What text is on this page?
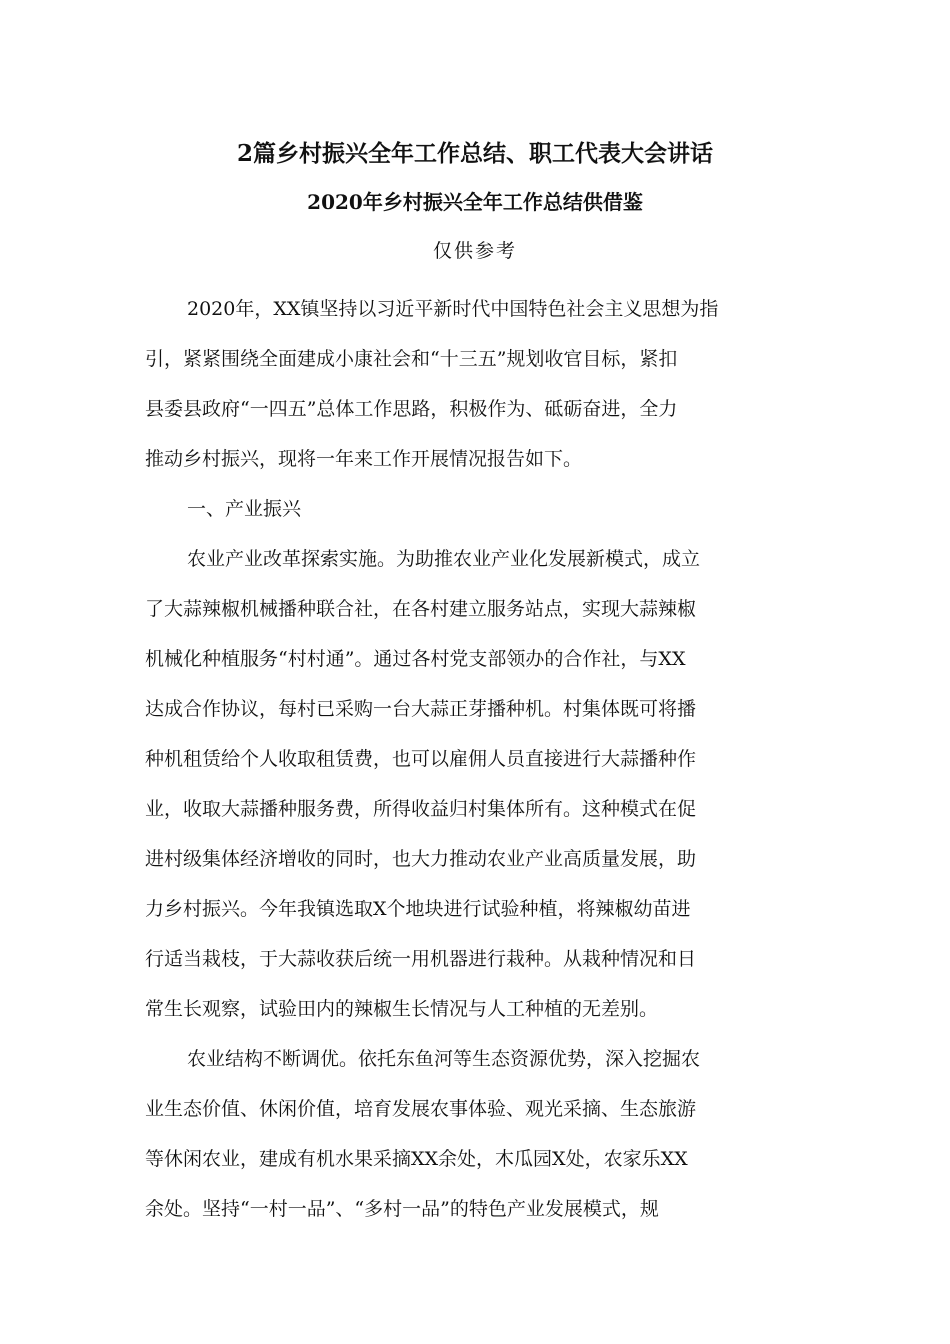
2篇乡村振兴全年工作总结、职工代表大会讲话
2020年乡村振兴全年工作总结供借鉴
仅供参考
2020年，XX镇坚持以习近平新时代中国特色社会主义思想为指
引，紧紧围绕全面建成小康社会和“十三五”规划收官目标，紧扣
县委县政府“一四五”总体工作思路，积极作为、砥砺奋进，全力
推动乡村振兴，现将一年来工作开展情况报告如下。
一、产业振兴
农业产业改革探索实施。为助推农业产业化发展新模式，成立
了大蒜辣椒机械播种联合社，在各村建立服务站点，实现大蒜辣椒
机械化种植服务“村村通”。通过各村党支部领办的合作社，与XX
达成合作协议，每村已采购一台大蒜正芽播种机。村集体既可将播
种机租赁给个人收取租赁费，也可以雇佣人员直接进行大蒜播种作
业，收取大蒜播种服务费，所得收益归村集体所有。这种模式在促
进村级集体经济增收的同时，也大力推动农业产业高质量发展，助
力乡村振兴。今年我镇选取X个地块进行试验种植，将辣椒幼苗进
行适当栽枝，于大蒜收获后统一用机器进行栽种。从栽种情况和日
常生长观察，试验田内的辣椒生长情况与人工种植的无差别。
农业结构不断调优。依托东鱼河等生态资源优势，深入挖掘农
业生态价值、休闲价值，培育发展农事体验、观光采摘、生态旅游
等休闲农业，建成有机水果采摘XX余处，木瓜园X处，农家乐XX
余处。坚持“一村一品”、“多村一品”的特色产业发展模式，规
